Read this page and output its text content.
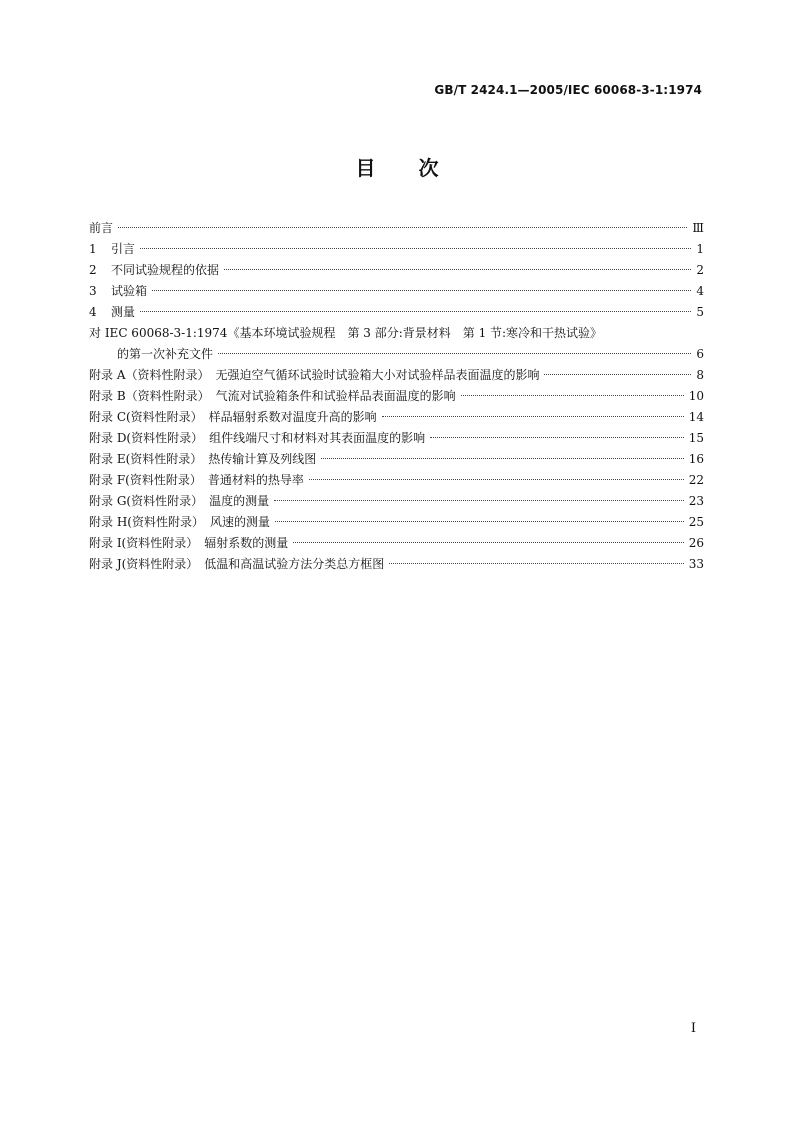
GB/T 2424.1—2005/IEC 60068-3-1:1974
目 次
前言	Ⅲ
1 引言	1
2 不同试验规程的依据	2
3 试验箱	4
4 测量	5
对 IEC 60068-3-1:1974《基本环境试验规程　第 3 部分:背景材料　第 1 节:寒冷和干热试验》
的第一次补充文件	6
附录 A（资料性附录）　无强迫空气循环试验时试验箱大小对试验样品表面温度的影响	8
附录 B（资料性附录）　气流对试验箱条件和试验样品表面温度的影响	10
附录 C(资料性附录）　样品辐射系数对温度升高的影响	14
附录 D(资料性附录）　组件线端尺寸和材料对其表面温度的影响	15
附录 E(资料性附录）　热传输计算及列线图	16
附录 F(资料性附录）　普通材料的热导率	22
附录 G(资料性附录）　温度的测量	23
附录 H(资料性附录）　风速的测量	25
附录 I(资料性附录）　辐射系数的测量	26
附录 J(资料性附录）　低温和高温试验方法分类总方框图	33
I
